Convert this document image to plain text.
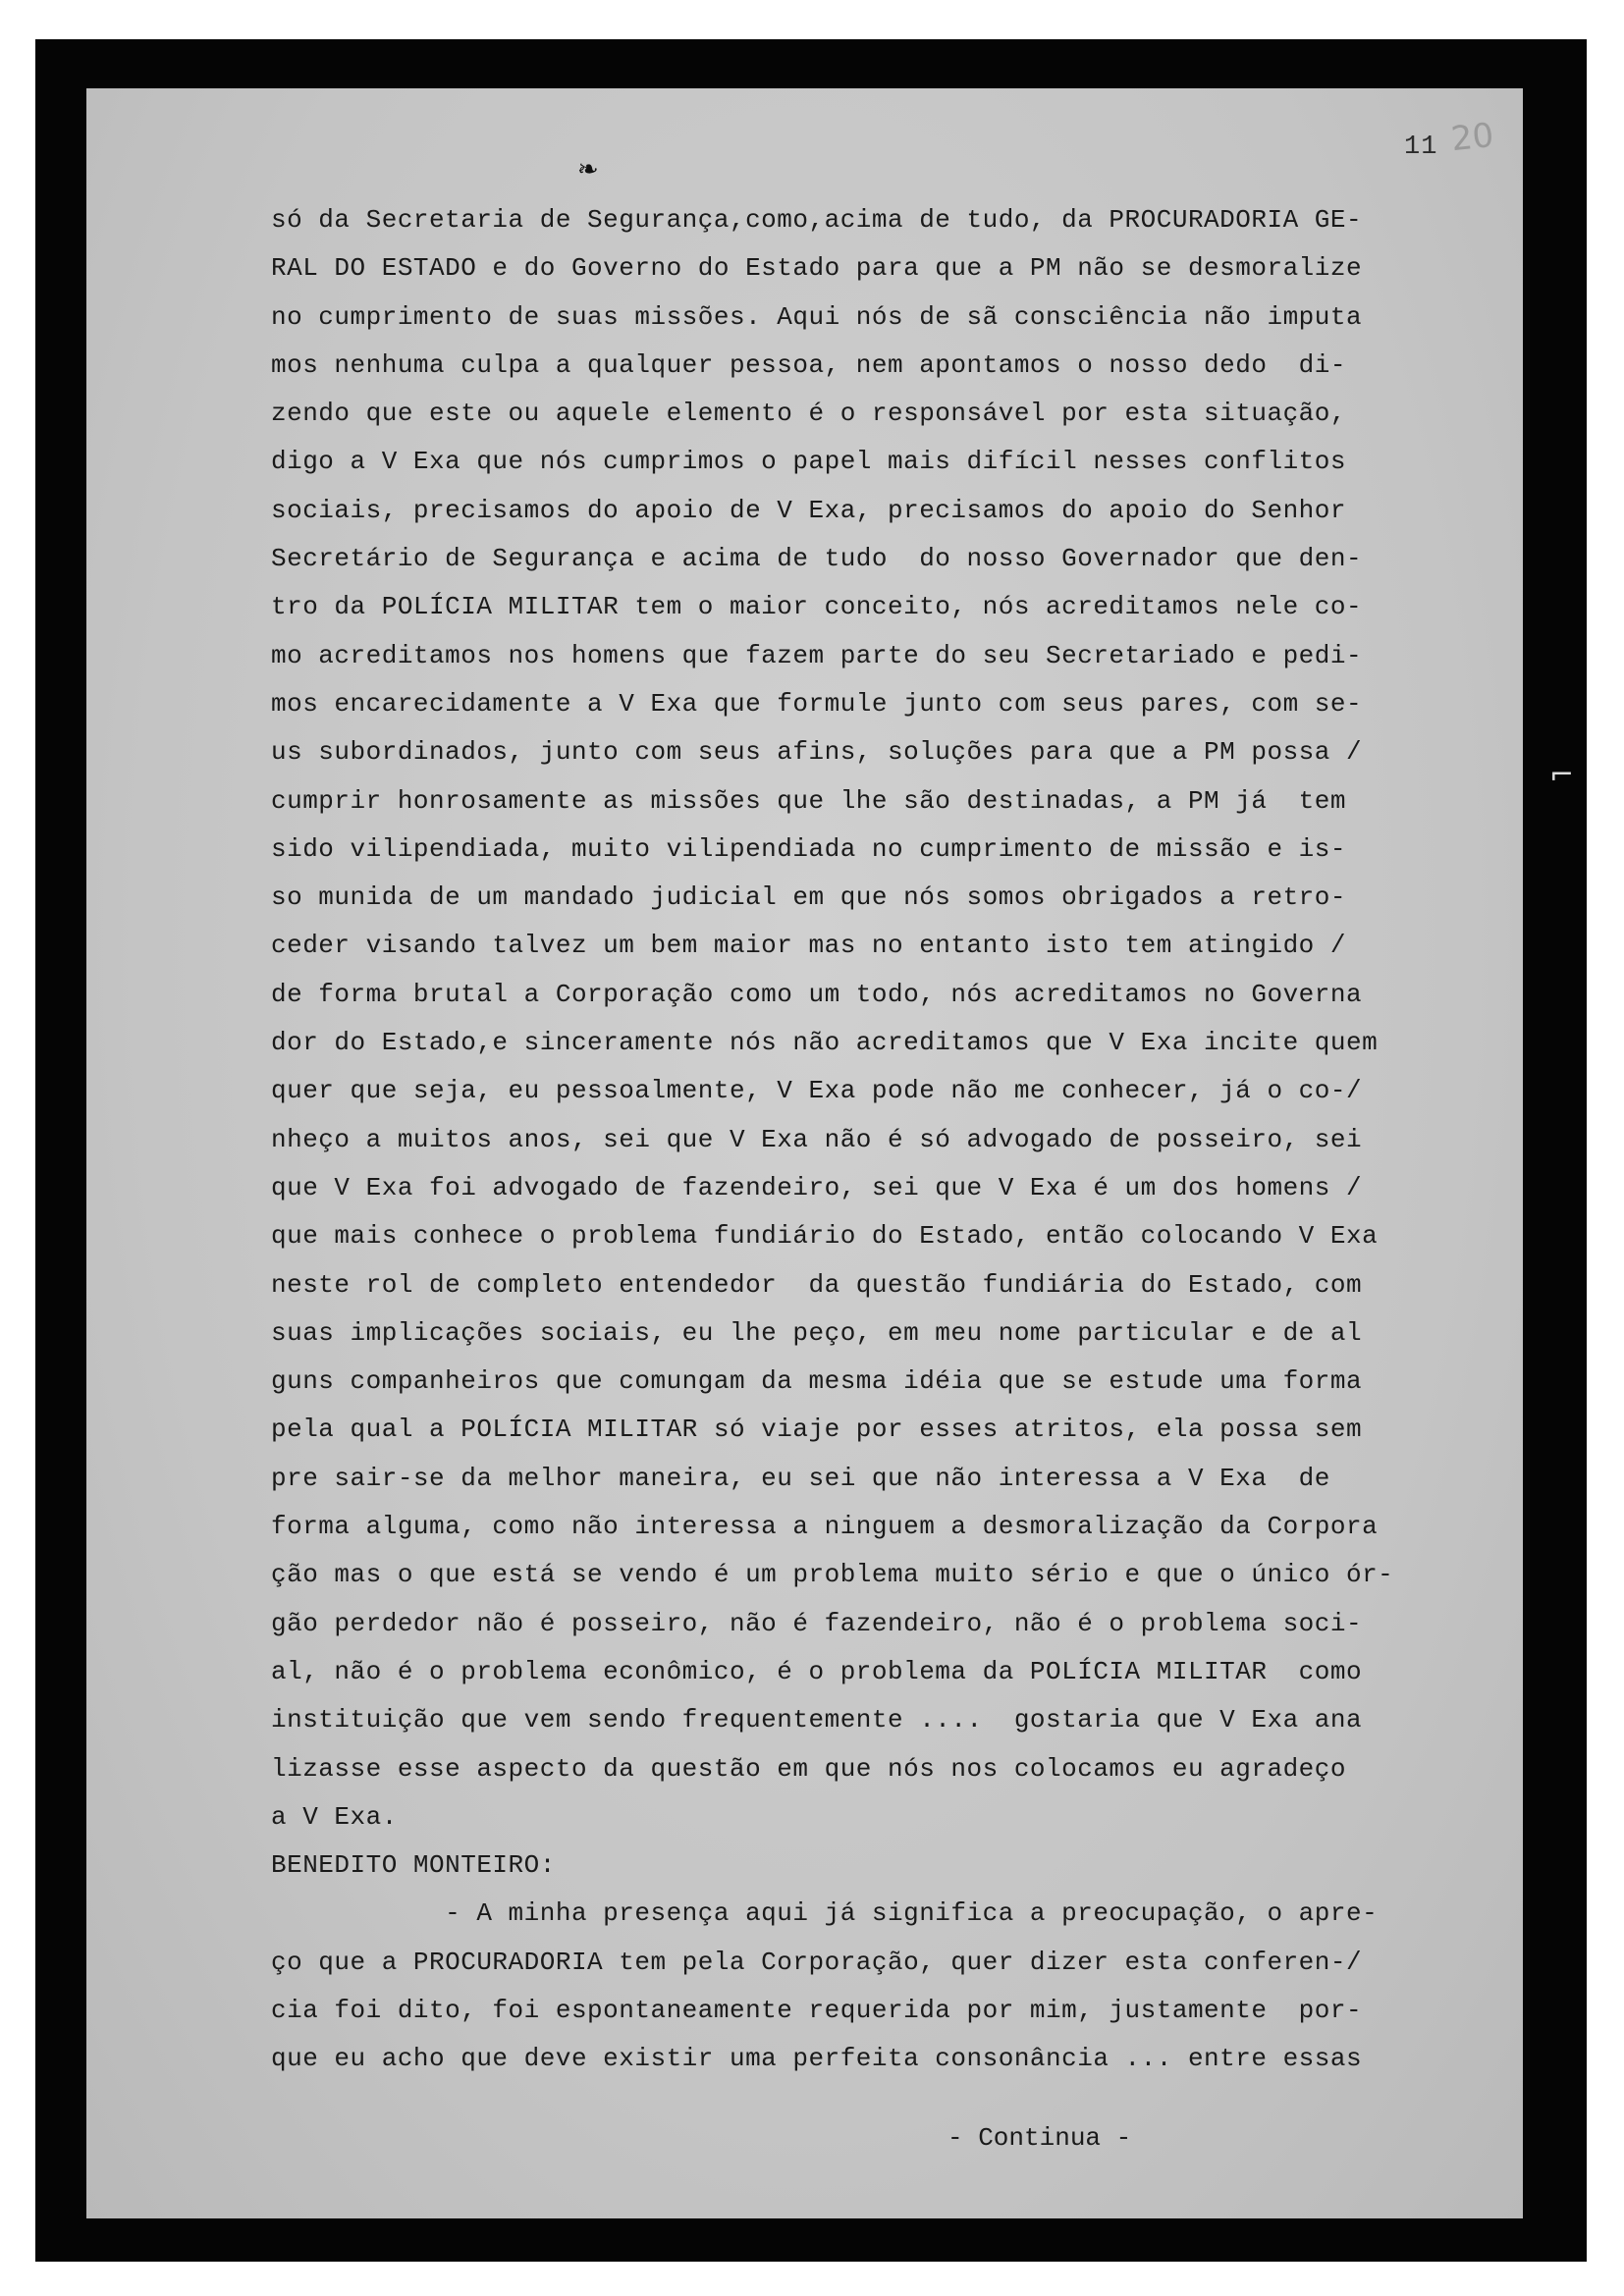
❧
11 20
⌐
só da Secretaria de Segurança,como,acima de tudo, da PROCURADORIA GE-
RAL DO ESTADO e do Governo do Estado para que a PM não se desmoralize
no cumprimento de suas missões. Aqui nós de sã consciência não imputa
mos nenhuma culpa a qualquer pessoa, nem apontamos o nosso dedo  di-
zendo que este ou aquele elemento é o responsável por esta situação,
digo a V Exa que nós cumprimos o papel mais difícil nesses conflitos
sociais, precisamos do apoio de V Exa, precisamos do apoio do Senhor
Secretário de Segurança e acima de tudo  do nosso Governador que den-
tro da POLÍCIA MILITAR tem o maior conceito, nós acreditamos nele co-
mo acreditamos nos homens que fazem parte do seu Secretariado e pedi-
mos encarecidamente a V Exa que formule junto com seus pares, com se-
us subordinados, junto com seus afins, soluções para que a PM possa /
cumprir honrosamente as missões que lhe são destinadas, a PM já  tem
sido vilipendiada, muito vilipendiada no cumprimento de missão e is-
so munida de um mandado judicial em que nós somos obrigados a retro-
ceder visando talvez um bem maior mas no entanto isto tem atingido /
de forma brutal a Corporação como um todo, nós acreditamos no Governa
dor do Estado,e sinceramente nós não acreditamos que V Exa incite quem
quer que seja, eu pessoalmente, V Exa pode não me conhecer, já o co-/
nheço a muitos anos, sei que V Exa não é só advogado de posseiro, sei
que V Exa foi advogado de fazendeiro, sei que V Exa é um dos homens /
que mais conhece o problema fundiário do Estado, então colocando V Exa
neste rol de completo entendedor  da questão fundiária do Estado, com
suas implicações sociais, eu lhe peço, em meu nome particular e de al
guns companheiros que comungam da mesma idéia que se estude uma forma
pela qual a POLÍCIA MILITAR só viaje por esses atritos, ela possa sem
pre sair-se da melhor maneira, eu sei que não interessa a V Exa  de
forma alguma, como não interessa a ninguem a desmoralização da Corpora
ção mas o que está se vendo é um problema muito sério e que o único ór-
gão perdedor não é posseiro, não é fazendeiro, não é o problema soci-
al, não é o problema econômico, é o problema da POLÍCIA MILITAR  como
instituição que vem sendo frequentemente ....  gostaria que V Exa ana
lizasse esse aspecto da questão em que nós nos colocamos eu agradeço
a V Exa.
BENEDITO MONTEIRO:
- A minha presença aqui já significa a preocupação, o apre-
ço que a PROCURADORIA tem pela Corporação, quer dizer esta conferen-/
cia foi dito, foi espontaneamente requerida por mim, justamente  por-
que eu acho que deve existir uma perfeita consonância ... entre essas
- Continua -
